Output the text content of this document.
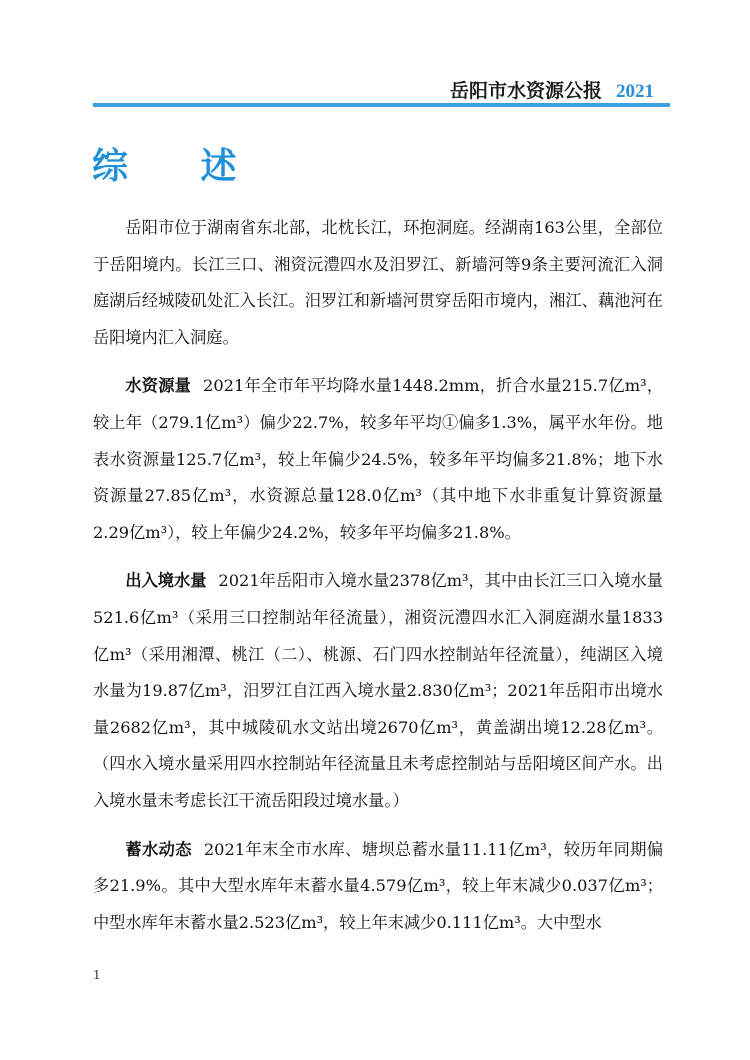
岳阳市水资源公报 2021
综 述

岳阳市位于湖南省东北部，北枕长江，环抱洞庭。经湖南163公里，全部位于岳阳境内。长江三口、湘资沅澧四水及汨罗江、新墙河等9条主要河流汇入洞庭湖后经城陵矶处汇入长江。汨罗江和新墙河贯穿岳阳市境内，湘江、藕池河在岳阳境内汇入洞庭。

水资源量 2021年全市年平均降水量1448.2mm，折合水量215.7亿m³，较上年（279.1亿m³）偏少22.7%，较多年平均①偏多1.3%，属平水年份。地表水资源量125.7亿m³，较上年偏少24.5%，较多年平均偏多21.8%；地下水资源量27.85亿m³，水资源总量128.0亿m³（其中地下水非重复计算资源量2.29亿m³），较上年偏少24.2%，较多年平均偏多21.8%。

出入境水量 2021年岳阳市入境水量2378亿m³，其中由长江三口入境水量521.6亿m³（采用三口控制站年径流量），湘资沅澧四水汇入洞庭湖水量1833亿m³（采用湘潭、桃江（二）、桃源、石门四水控制站年径流量），纯湖区入境水量为19.87亿m³，汨罗江自江西入境水量2.830亿m³；2021年岳阳市出境水量2682亿m³，其中城陵矶水文站出境2670亿m³，黄盖湖出境12.28亿m³。（四水入境水量采用四水控制站年径流量且未考虑控制站与岳阳境区间产水。出入境水量未考虑长江干流岳阳段过境水量。）

蓄水动态 2021年末全市水库、塘坝总蓄水量11.11亿m³，较历年同期偏多21.9%。其中大型水库年末蓄水量4.579亿m³，较上年末减少0.037亿m³；中型水库年末蓄水量2.523亿m³，较上年末减少0.111亿m³。大中型水

1
